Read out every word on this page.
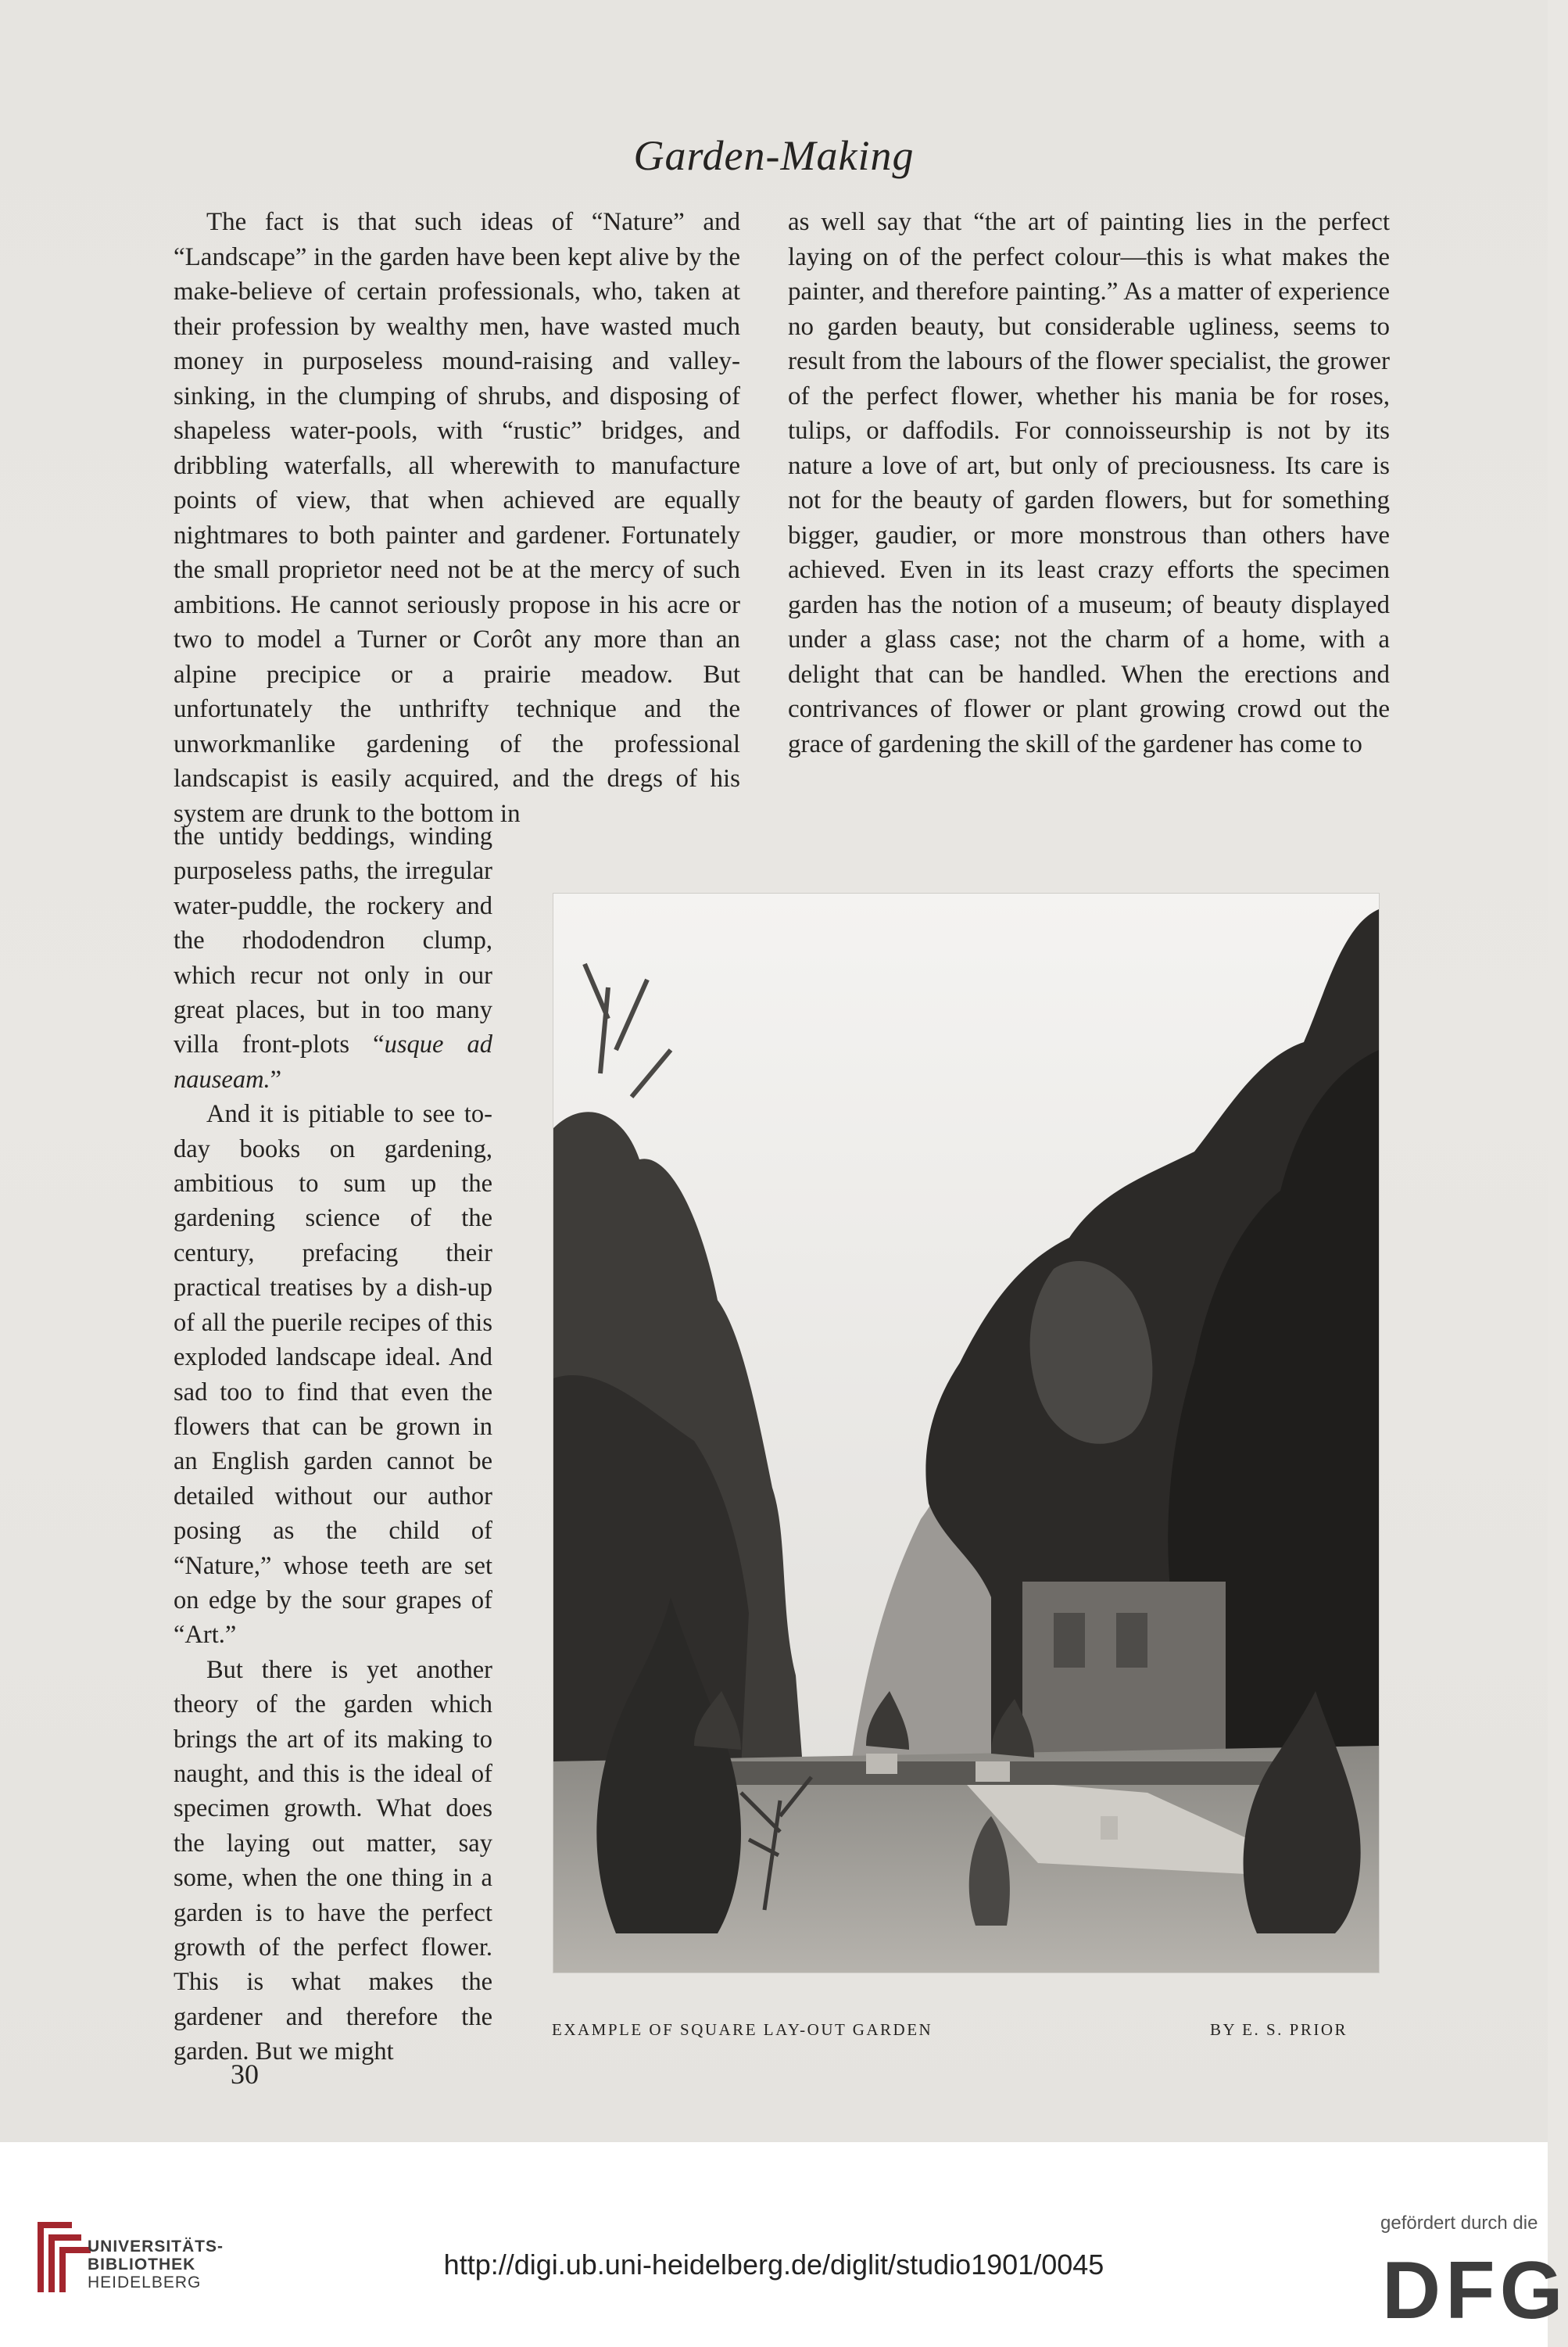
Garden-Making

The fact is that such ideas of “Nature” and “Landscape” in the garden have been kept alive by the make-believe of certain professionals, who, taken at their profession by wealthy men, have wasted much money in purposeless mound-raising and valley-sinking, in the clumping of shrubs, and disposing of shapeless water-pools, with “rustic” bridges, and dribbling waterfalls, all wherewith to manufacture points of view, that when achieved are equally nightmares to both painter and gardener. Fortunately the small proprietor need not be at the mercy of such ambitions. He cannot seriously propose in his acre or two to model a Turner or Corôt any more than an alpine precipice or a prairie meadow. But unfortunately the unthrifty technique and the unworkmanlike gardening of the professional landscapist is easily acquired, and the dregs of his system are drunk to the bottom in

the untidy beddings, winding purposeless paths, the irregular water-puddle, the rockery and the rhododendron clump, which recur not only in our great places, but in too many villa front-plots “usque ad nauseam.”

And it is pitiable to see to-day books on gardening, ambitious to sum up the gardening science of the century, prefacing their practical treatises by a dish-up of all the puerile recipes of this exploded landscape ideal. And sad too to find that even the flowers that can be grown in an English garden cannot be detailed without our author posing as the child of “Nature,” whose teeth are set on edge by the sour grapes of “Art.”

But there is yet another theory of the garden which brings the art of its making to naught, and this is the ideal of specimen growth. What does the laying out matter, say some, when the one thing in a garden is to have the perfect growth of the perfect flower. This is what makes the gardener and therefore the garden. But we might

as well say that “the art of painting lies in the perfect laying on of the perfect colour—this is what makes the painter, and therefore painting.” As a matter of experience no garden beauty, but considerable ugliness, seems to result from the labours of the flower specialist, the grower of the perfect flower, whether his mania be for roses, tulips, or daffodils. For connoisseurship is not by its nature a love of art, but only of preciousness. Its care is not for the beauty of garden flowers, but for something bigger, gaudier, or more monstrous than others have achieved. Even in its least crazy efforts the specimen garden has the notion of a museum; of beauty displayed under a glass case; not the charm of a home, with a delight that can be handled. When the erections and contrivances of flower or plant growing crowd out the grace of gardening the skill of the gardener has come to

EXAMPLE OF SQUARE LAY-OUT GARDEN	BY E. S. PRIOR
30
UNIVERSITÄTS-
BIBLIOTHEK
HEIDELBERG
http://digi.ub.uni-heidelberg.de/diglit/studio1901/0045
gefördert durch die
DFG
